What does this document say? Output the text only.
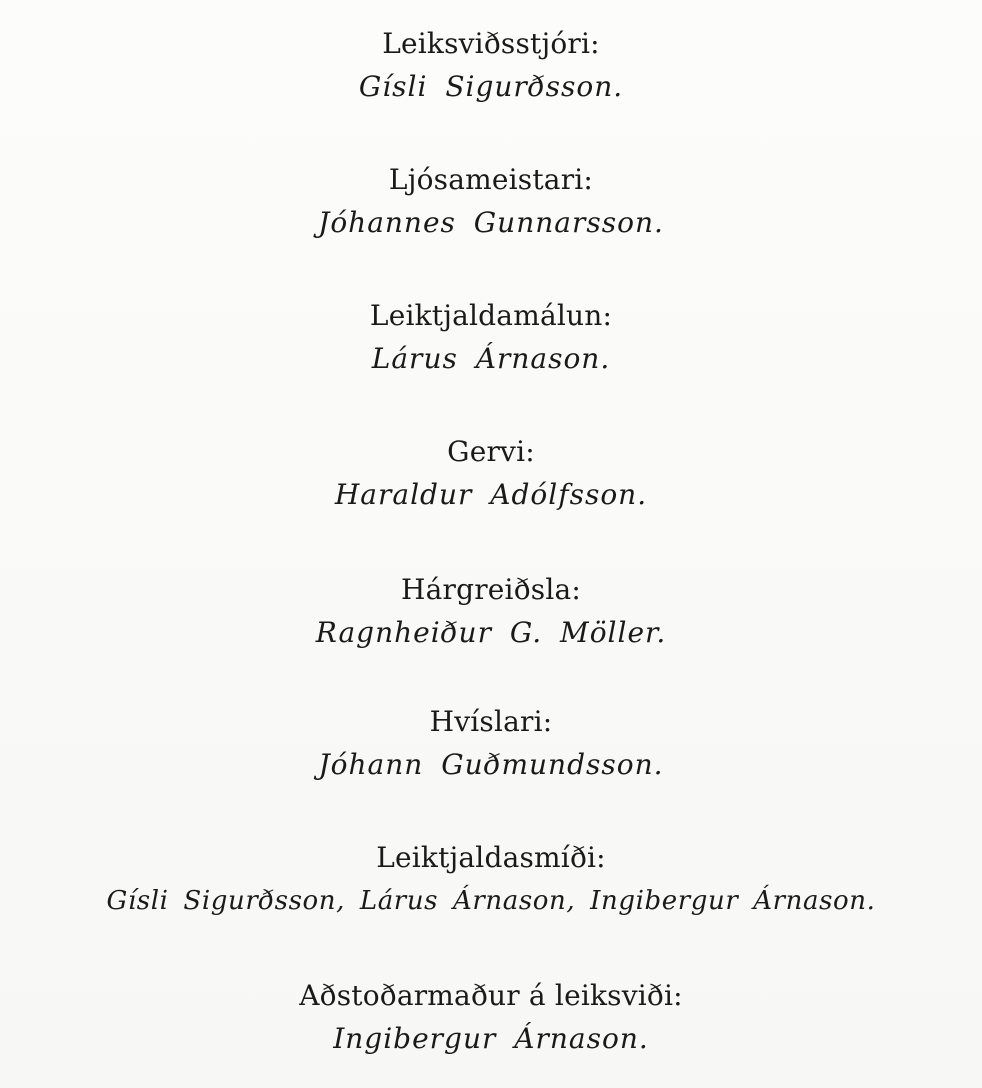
Leiksviðsstjóri:
Gísli Sigurðsson.
Ljósameistari:
Jóhannes Gunnarsson.
Leiktjaldamálun:
Lárus Árnason.
Gervi:
Haraldur Adólfsson.
Hárgreiðsla:
Ragnheiður G. Möller.
Hvíslari:
Jóhann Guðmundsson.
Leiktjaldasmíði:
Gísli Sigurðsson, Lárus Árnason, Ingibergur Árnason.
Aðstoðarmaður á leiksviði:
Ingibergur Árnason.
